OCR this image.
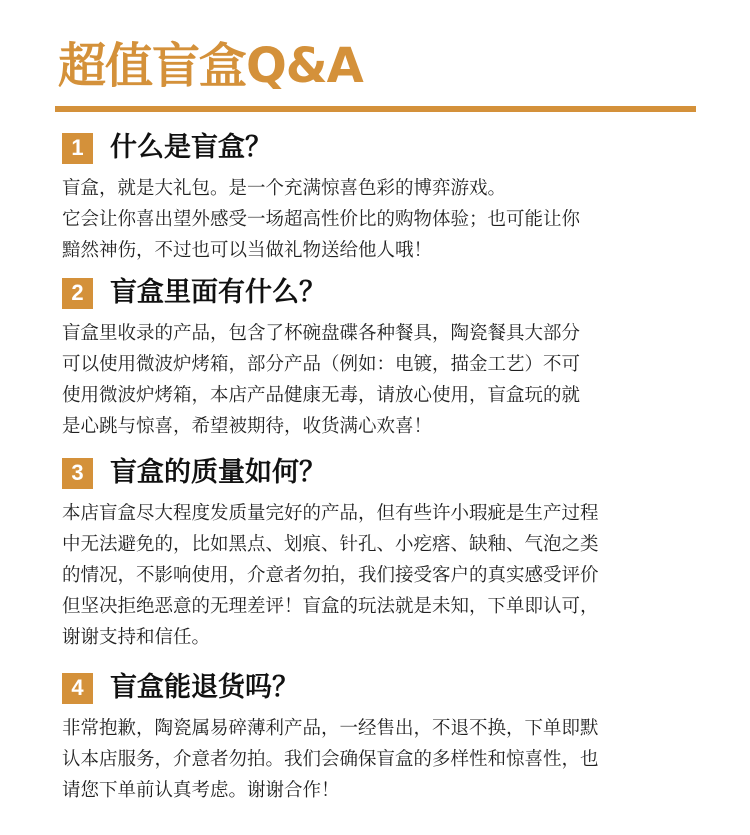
超值盲盒Q&A
1 什么是盲盒？
盲盒，就是大礼包。是一个充满惊喜色彩的博弈游戏。
它会让你喜出望外感受一场超高性价比的购物体验；也可能让你
黯然神伤，不过也可以当做礼物送给他人哦！
2 盲盒里面有什么？
盲盒里收录的产品，包含了杯碗盘碟各种餐具，陶瓷餐具大部分
可以使用微波炉烤箱，部分产品（例如：电镀，描金工艺）不可
使用微波炉烤箱，本店产品健康无毒，请放心使用，盲盒玩的就
是心跳与惊喜，希望被期待，收货满心欢喜！
3 盲盒的质量如何？
本店盲盒尽大程度发质量完好的产品，但有些许小瑕疵是生产过程
中无法避免的，比如黑点、划痕、针孔、小疙瘩、缺釉、气泡之类
的情况，不影响使用，介意者勿拍，我们接受客户的真实感受评价
但坚决拒绝恶意的无理差评！盲盒的玩法就是未知，下单即认可，
谢谢支持和信任。
4 盲盒能退货吗？
非常抱歉，陶瓷属易碎薄利产品，一经售出，不退不换，下单即默
认本店服务，介意者勿拍。我们会确保盲盒的多样性和惊喜性，也
请您下单前认真考虑。谢谢合作！
